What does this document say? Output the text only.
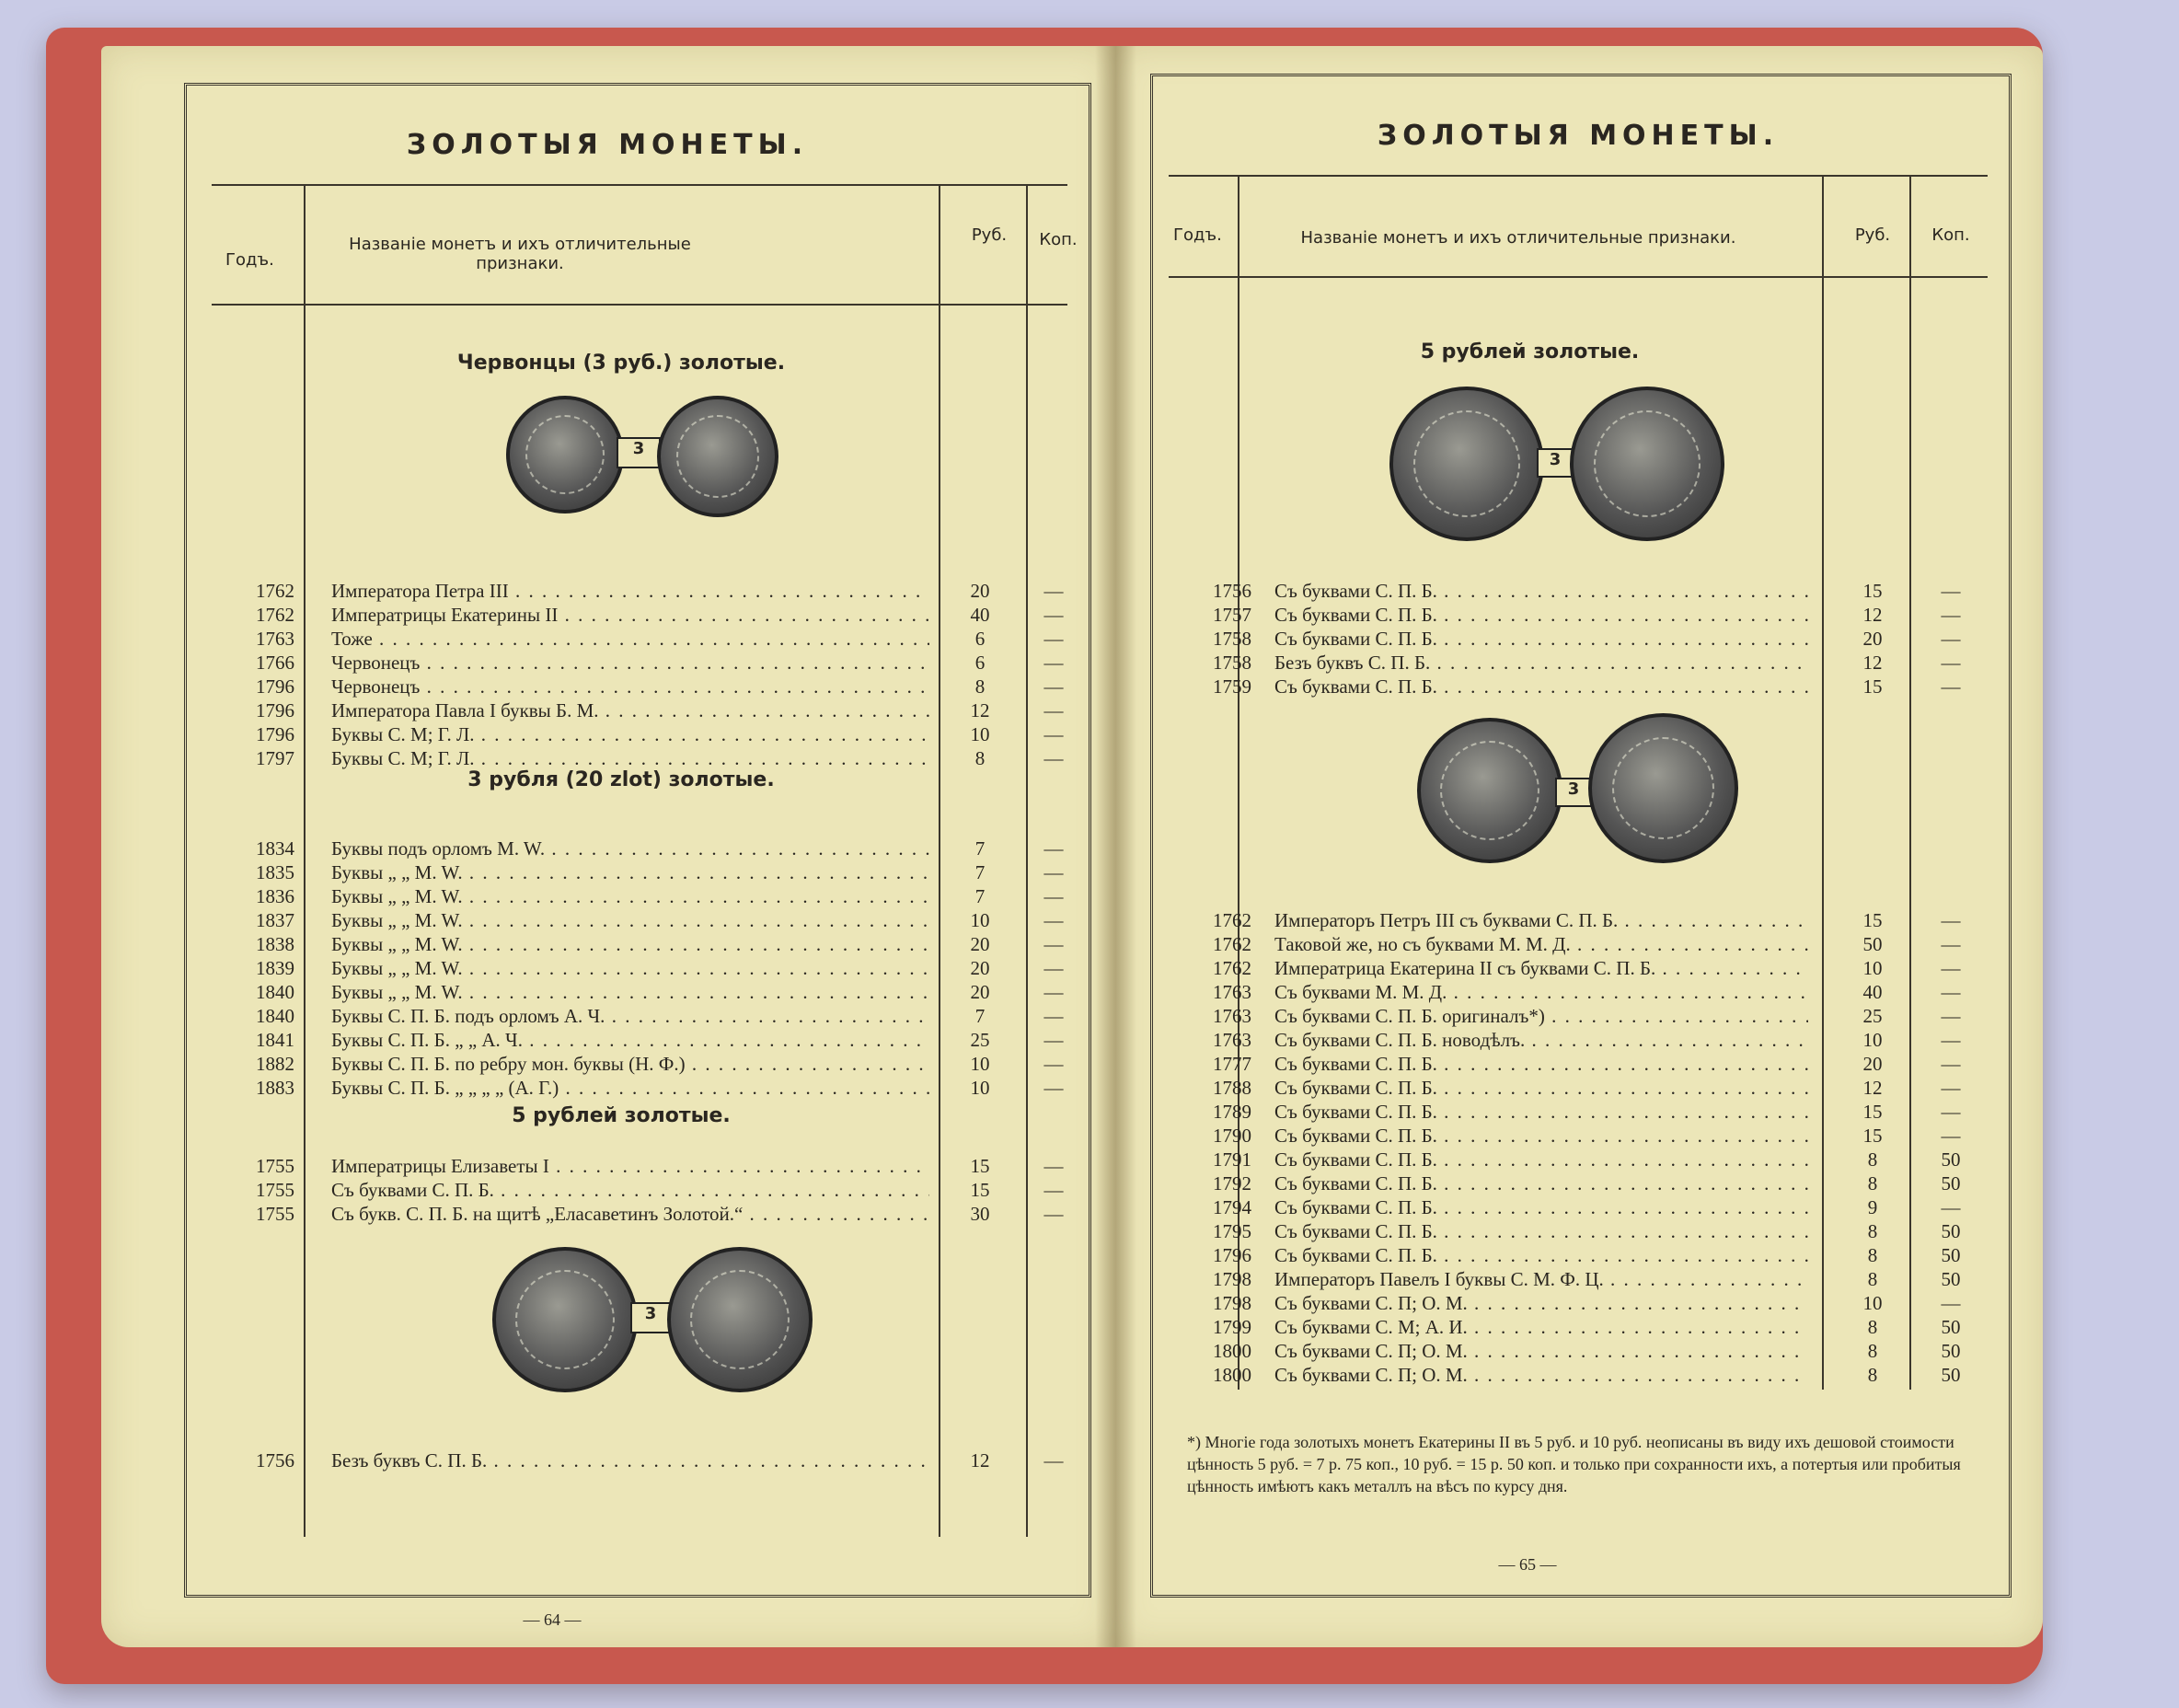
ЗОЛОТЫЯ МОНЕТЫ.
Годъ.
Названіе монетъ и ихъ отличительные признаки.
Руб.	Коп.
Червонцы (3 руб.) золотые.
3
1762 Императора Петра III . . .	20	—
1762 Императрицы Екатерины II . . .	40	—
1763 Тоже . . .	6	—
1766 Червонецъ . . .	6	—
1796 Червонецъ . . .	8	—
1796 Императора Павла I буквы Б. М. . . .	12	—
1796 Буквы С. М; Г. Л. . . .	10	—
1797 Буквы С. М; Г. Л. . . .	8	—
3 рубля (20 zlot) золотые.
1834 Буквы подъ орломъ M. W. . . .	7	—
1835 Буквы „ „ M. W. . . .	7	—
1836 Буквы „ „ M. W. . . .	7	—
1837 Буквы „ „ M. W. . . .	10	—
1838 Буквы „ „ M. W. . . .	20	—
1839 Буквы „ „ M. W. . . .	20	—
1840 Буквы „ „ M. W. . . .	20	—
1840 Буквы С. П. Б. подъ орломъ А. Ч. . . .	7	—
1841 Буквы С. П. Б. „ „ А. Ч. . . .	25	—
1882 Буквы С. П. Б. по ребру мон. буквы (Н. Ф.) . . .	10	—
1883 Буквы С. П. Б. „ „ „ „ (А. Г.) . . .	10	—
5 рублей золотые.
1755 Императрицы Елизаветы I . . .	15	—
1755 Съ буквами С. П. Б. . . .	15	—
1755 Съ букв. С. П. Б. на щитѣ „Еласаветинъ Золотой.“ . . .	30	—
3
1756 Безъ буквъ С. П. Б. . . .	12	—
— 64 —
ЗОЛОТЫЯ МОНЕТЫ.
Годъ.	Названіе монетъ и ихъ отличительные признаки.	Руб.	Коп.
5 рублей золотые.
3
1756 Съ буквами С. П. Б. . . .	15	—
1757 Съ буквами С. П. Б. . . .	12	—
1758 Съ буквами С. П. Б. . . .	20	—
1758 Безъ буквъ С. П. Б. . . .	12	—
1759 Съ буквами С. П. Б. . . .	15	—
3
1762 Императоръ Петръ III съ буквами С. П. Б. . . .	15	—
1762 Таковой же, но съ буквами М. М. Д. . . .	50	—
1762 Императрица Екатерина II съ буквами С. П. Б. . . .	10	—
1763 Съ буквами М. М. Д. . . .	40	—
1763 Съ буквами С. П. Б. оригиналъ*) . . .	25	—
1763 Съ буквами С. П. Б. новодѣлъ. . . .	10	—
1777 Съ буквами С. П. Б. . . .	20	—
1788 Съ буквами С. П. Б. . . .	12	—
1789 Съ буквами С. П. Б. . . .	15	—
1790 Съ буквами С. П. Б. . . .	15	—
1791 Съ буквами С. П. Б. . . .	8	50
1792 Съ буквами С. П. Б. . . .	8	50
1794 Съ буквами С. П. Б. . . .	9	—
1795 Съ буквами С. П. Б. . . .	8	50
1796 Съ буквами С. П. Б. . . .	8	50
1798 Императоръ Павелъ I буквы С. М. Ф. Ц. . . .	8	50
1798 Съ буквами С. П; О. М. . . .	10	—
1799 Съ буквами С. М; А. И. . . .	8	50
1800 Съ буквами С. П; О. М. . . .	8	50
1800 Съ буквами С. П; О. М. . . .	8	50
*) Многіе года золотыхъ монетъ Екатерины II въ 5 руб. и 10 руб. неописаны въ виду ихъ дешовой стоимости цѣнность 5 руб. = 7 р. 75 коп., 10 руб. = 15 р. 50 коп. и только при сохранности ихъ, а потертыя или пробитыя цѣнность имѣютъ какъ металлъ на вѣсъ по курсу дня.
— 65 —
